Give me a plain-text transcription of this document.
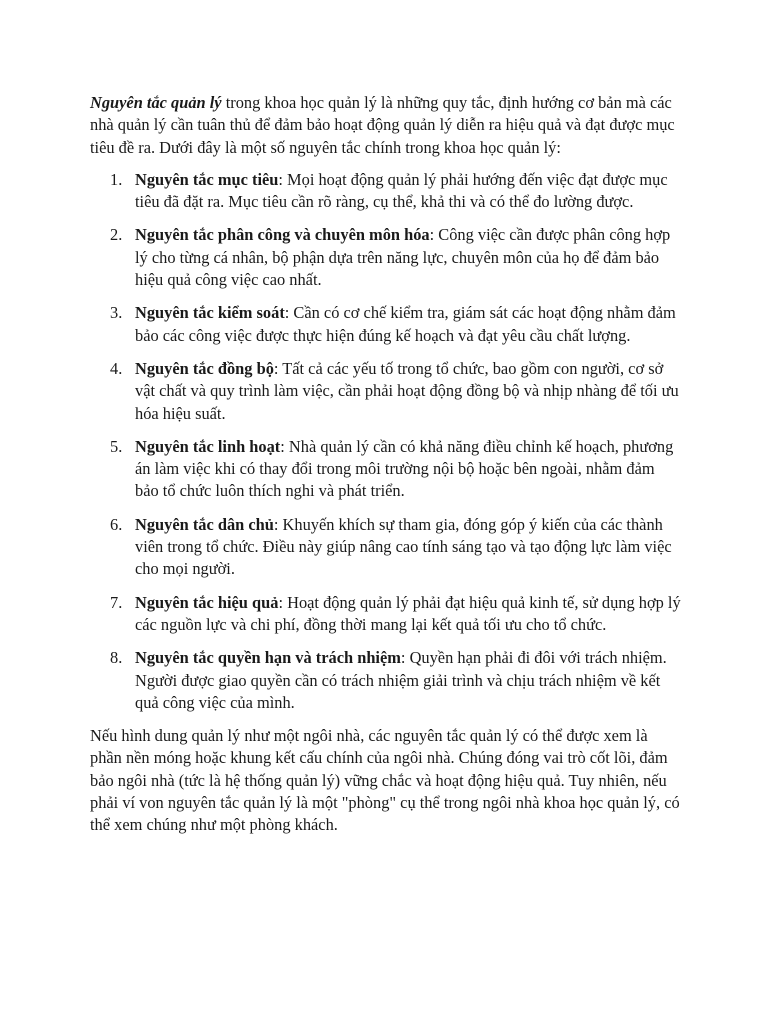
Nguyên tắc quản lý trong khoa học quản lý là những quy tắc, định hướng cơ bản mà các nhà quản lý cần tuân thủ để đảm bảo hoạt động quản lý diễn ra hiệu quả và đạt được mục tiêu đề ra. Dưới đây là một số nguyên tắc chính trong khoa học quản lý:

1. Nguyên tắc mục tiêu: Mọi hoạt động quản lý phải hướng đến việc đạt được mục tiêu đã đặt ra. Mục tiêu cần rõ ràng, cụ thể, khả thi và có thể đo lường được.
2. Nguyên tắc phân công và chuyên môn hóa: Công việc cần được phân công hợp lý cho từng cá nhân, bộ phận dựa trên năng lực, chuyên môn của họ để đảm bảo hiệu quả công việc cao nhất.
3. Nguyên tắc kiểm soát: Cần có cơ chế kiểm tra, giám sát các hoạt động nhằm đảm bảo các công việc được thực hiện đúng kế hoạch và đạt yêu cầu chất lượng.
4. Nguyên tắc đồng bộ: Tất cả các yếu tố trong tổ chức, bao gồm con người, cơ sở vật chất và quy trình làm việc, cần phải hoạt động đồng bộ và nhịp nhàng để tối ưu hóa hiệu suất.
5. Nguyên tắc linh hoạt: Nhà quản lý cần có khả năng điều chỉnh kế hoạch, phương án làm việc khi có thay đổi trong môi trường nội bộ hoặc bên ngoài, nhằm đảm bảo tổ chức luôn thích nghi và phát triển.
6. Nguyên tắc dân chủ: Khuyến khích sự tham gia, đóng góp ý kiến của các thành viên trong tổ chức. Điều này giúp nâng cao tính sáng tạo và tạo động lực làm việc cho mọi người.
7. Nguyên tắc hiệu quả: Hoạt động quản lý phải đạt hiệu quả kinh tế, sử dụng hợp lý các nguồn lực và chi phí, đồng thời mang lại kết quả tối ưu cho tổ chức.
8. Nguyên tắc quyền hạn và trách nhiệm: Quyền hạn phải đi đôi với trách nhiệm. Người được giao quyền cần có trách nhiệm giải trình và chịu trách nhiệm về kết quả công việc của mình.

Nếu hình dung quản lý như một ngôi nhà, các nguyên tắc quản lý có thể được xem là phần nền móng hoặc khung kết cấu chính của ngôi nhà. Chúng đóng vai trò cốt lõi, đảm bảo ngôi nhà (tức là hệ thống quản lý) vững chắc và hoạt động hiệu quả. Tuy nhiên, nếu phải ví von nguyên tắc quản lý là một "phòng" cụ thể trong ngôi nhà khoa học quản lý, có thể xem chúng như một phòng khách.
